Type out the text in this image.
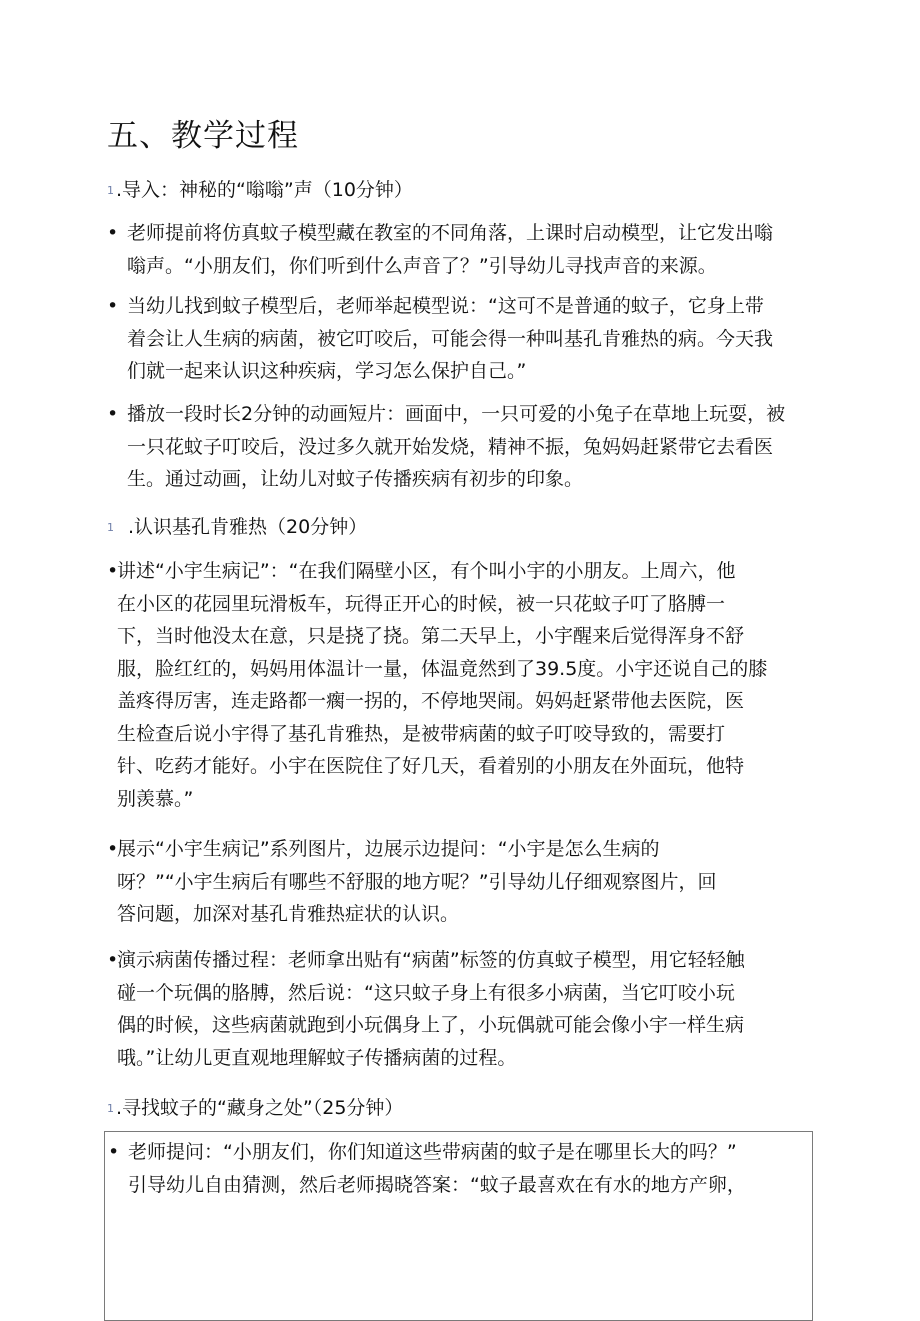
五、教学过程
1 .导入：神秘的“嗡嗡”声（10分钟）
• 老师提前将仿真蚊子模型藏在教室的不同角落，上课时启动模型，让它发出嗡
嗡声。“小朋友们，你们听到什么声音了？”引导幼儿寻找声音的来源。
• 当幼儿找到蚊子模型后，老师举起模型说：“这可不是普通的蚊子，它身上带
着会让人生病的病菌，被它叮咬后，可能会得一种叫基孔肯雅热的病。今天我
们就一起来认识这种疾病，学习怎么保护自己。”
• 播放一段时长2分钟的动画短片：画面中，一只可爱的小兔子在草地上玩耍，被
一只花蚊子叮咬后，没过多久就开始发烧，精神不振，兔妈妈赶紧带它去看医
生。通过动画，让幼儿对蚊子传播疾病有初步的印象。
1 .认识基孔肯雅热（20分钟）
•讲述“小宇生病记”：“在我们隔壁小区，有个叫小宇的小朋友。上周六，他
在小区的花园里玩滑板车，玩得正开心的时候，被一只花蚊子叮了胳膊一
下，当时他没太在意，只是挠了挠。第二天早上，小宇醒来后觉得浑身不舒
服，脸红红的，妈妈用体温计一量，体温竟然到了39.5度。小宇还说自己的膝
盖疼得厉害，连走路都一瘸一拐的，不停地哭闹。妈妈赶紧带他去医院，医
生检查后说小宇得了基孔肯雅热，是被带病菌的蚊子叮咬导致的，需要打
针、吃药才能好。小宇在医院住了好几天，看着别的小朋友在外面玩，他特
别羡慕。”
•展示“小宇生病记”系列图片，边展示边提问：“小宇是怎么生病的
呀？”“小宇生病后有哪些不舒服的地方呢？”引导幼儿仔细观察图片，回
答问题，加深对基孔肯雅热症状的认识。
•演示病菌传播过程：老师拿出贴有“病菌”标签的仿真蚊子模型，用它轻轻触
碰一个玩偶的胳膊，然后说：“这只蚊子身上有很多小病菌，当它叮咬小玩
偶的时候，这些病菌就跑到小玩偶身上了，小玩偶就可能会像小宇一样生病
哦。”让幼儿更直观地理解蚊子传播病菌的过程。
1 .寻找蚊子的“藏身之处”（25分钟）
• 老师提问：“小朋友们，你们知道这些带病菌的蚊子是在哪里长大的吗？”
引导幼儿自由猜测，然后老师揭晓答案：“蚊子最喜欢在有水的地方产卵，
